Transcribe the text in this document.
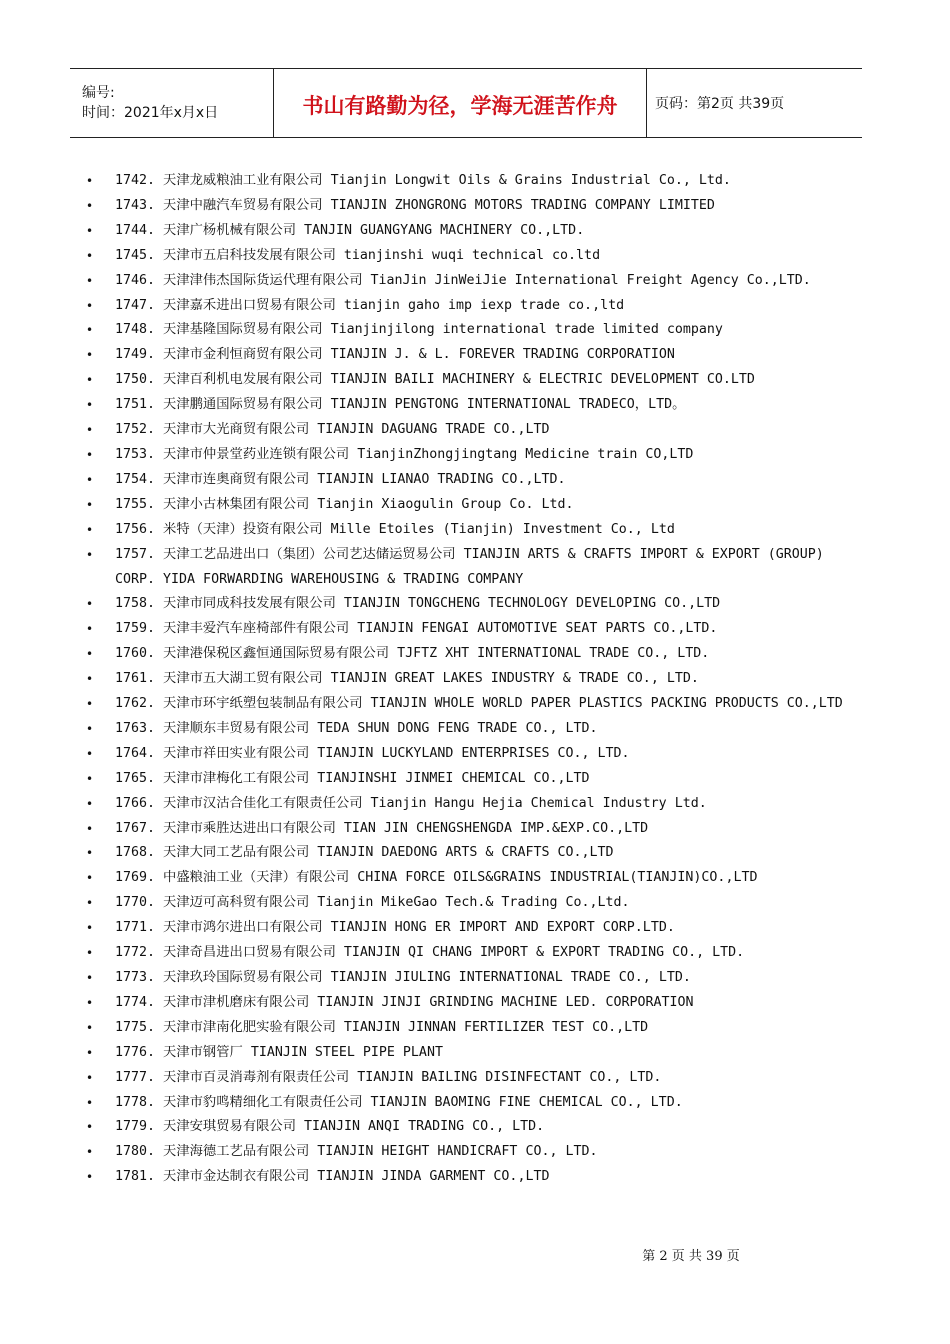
编号:
时间：2021年x月x日	书山有路勤为径，学海无涯苦作舟	页码：第2页 共39页
• 1742. 天津龙威粮油工业有限公司 Tianjin Longwit Oils & Grains Industrial Co., Ltd.
• 1743. 天津中融汽车贸易有限公司 TIANJIN ZHONGRONG MOTORS TRADING COMPANY LIMITED
• 1744. 天津广杨机械有限公司 TANJIN GUANGYANG MACHINERY CO.,LTD.
• 1745. 天津市五启科技发展有限公司 tianjinshi wuqi technical co.ltd
• 1746. 天津津伟杰国际货运代理有限公司 TianJin JinWeiJie International Freight Agency Co.,LTD.
• 1747. 天津嘉禾进出口贸易有限公司 tianjin gaho imp iexp trade co.,ltd
• 1748. 天津基隆国际贸易有限公司 Tianjinjilong international trade limited company
• 1749. 天津市金利恒商贸有限公司 TIANJIN J. & L. FOREVER TRADING CORPORATION
• 1750. 天津百利机电发展有限公司 TIANJIN BAILI MACHINERY & ELECTRIC DEVELOPMENT CO.LTD
• 1751. 天津鹏通国际贸易有限公司 TIANJIN PENGTONG INTERNATIONAL TRADECO，LTD。
• 1752. 天津市大光商贸有限公司 TIANJIN DAGUANG TRADE CO.,LTD
• 1753. 天津市仲景堂药业连锁有限公司 TianjinZhongjingtang Medicine train CO,LTD
• 1754. 天津市连奥商贸有限公司 TIANJIN LIANAO TRADING CO.,LTD.
• 1755. 天津小古林集团有限公司 Tianjin Xiaogulin Group Co. Ltd.
• 1756. 米特（天津）投资有限公司 Mille Etoiles (Tianjin) Investment Co., Ltd
• 1757. 天津工艺品进出口（集团）公司艺达储运贸易公司 TIANJIN ARTS & CRAFTS IMPORT & EXPORT (GROUP) CORP. YIDA FORWARDING WAREHOUSING & TRADING COMPANY
• 1758. 天津市同成科技发展有限公司 TIANJIN TONGCHENG TECHNOLOGY DEVELOPING CO.,LTD
• 1759. 天津丰爱汽车座椅部件有限公司 TIANJIN FENGAI AUTOMOTIVE SEAT PARTS CO.,LTD.
• 1760. 天津港保税区鑫恒通国际贸易有限公司 TJFTZ XHT INTERNATIONAL TRADE CO., LTD.
• 1761. 天津市五大湖工贸有限公司 TIANJIN GREAT LAKES INDUSTRY & TRADE CO., LTD.
• 1762. 天津市环宇纸塑包装制品有限公司 TIANJIN WHOLE WORLD PAPER PLASTICS PACKING PRODUCTS CO.,LTD
• 1763. 天津顺东丰贸易有限公司 TEDA SHUN DONG FENG TRADE CO., LTD.
• 1764. 天津市祥田实业有限公司 TIANJIN LUCKYLAND ENTERPRISES CO., LTD.
• 1765. 天津市津梅化工有限公司 TIANJINSHI JINMEI CHEMICAL CO.,LTD
• 1766. 天津市汉沽合佳化工有限责任公司 Tianjin Hangu Hejia Chemical Industry Ltd.
• 1767. 天津市乘胜达进出口有限公司 TIAN JIN CHENGSHENGDA IMP.&EXP.CO.,LTD
• 1768. 天津大同工艺品有限公司 TIANJIN DAEDONG ARTS & CRAFTS CO.,LTD
• 1769. 中盛粮油工业（天津）有限公司 CHINA FORCE OILS&GRAINS INDUSTRIAL(TIANJIN)CO.,LTD
• 1770. 天津迈可高科贸有限公司 Tianjin MikeGao Tech.& Trading Co.,Ltd.
• 1771. 天津市鸿尔进出口有限公司 TIANJIN HONG ER IMPORT AND EXPORT CORP.LTD.
• 1772. 天津奇昌进出口贸易有限公司 TIANJIN QI CHANG IMPORT & EXPORT TRADING CO., LTD.
• 1773. 天津玖玲国际贸易有限公司 TIANJIN JIULING INTERNATIONAL TRADE CO., LTD.
• 1774. 天津市津机磨床有限公司 TIANJIN JINJI GRINDING MACHINE LED. CORPORATION
• 1775. 天津市津南化肥实验有限公司 TIANJIN JINNAN FERTILIZER TEST CO.,LTD
• 1776. 天津市钢管厂 TIANJIN STEEL PIPE PLANT
• 1777. 天津市百灵消毒剂有限责任公司 TIANJIN BAILING DISINFECTANT CO., LTD.
• 1778. 天津市豹鸣精细化工有限责任公司 TIANJIN BAOMING FINE CHEMICAL CO., LTD.
• 1779. 天津安琪贸易有限公司 TIANJIN ANQI TRADING CO., LTD.
• 1780. 天津海德工艺品有限公司 TIANJIN HEIGHT HANDICRAFT CO., LTD.
• 1781. 天津市金达制衣有限公司 TIANJIN JINDA GARMENT CO.,LTD
第 2 页 共 39 页
